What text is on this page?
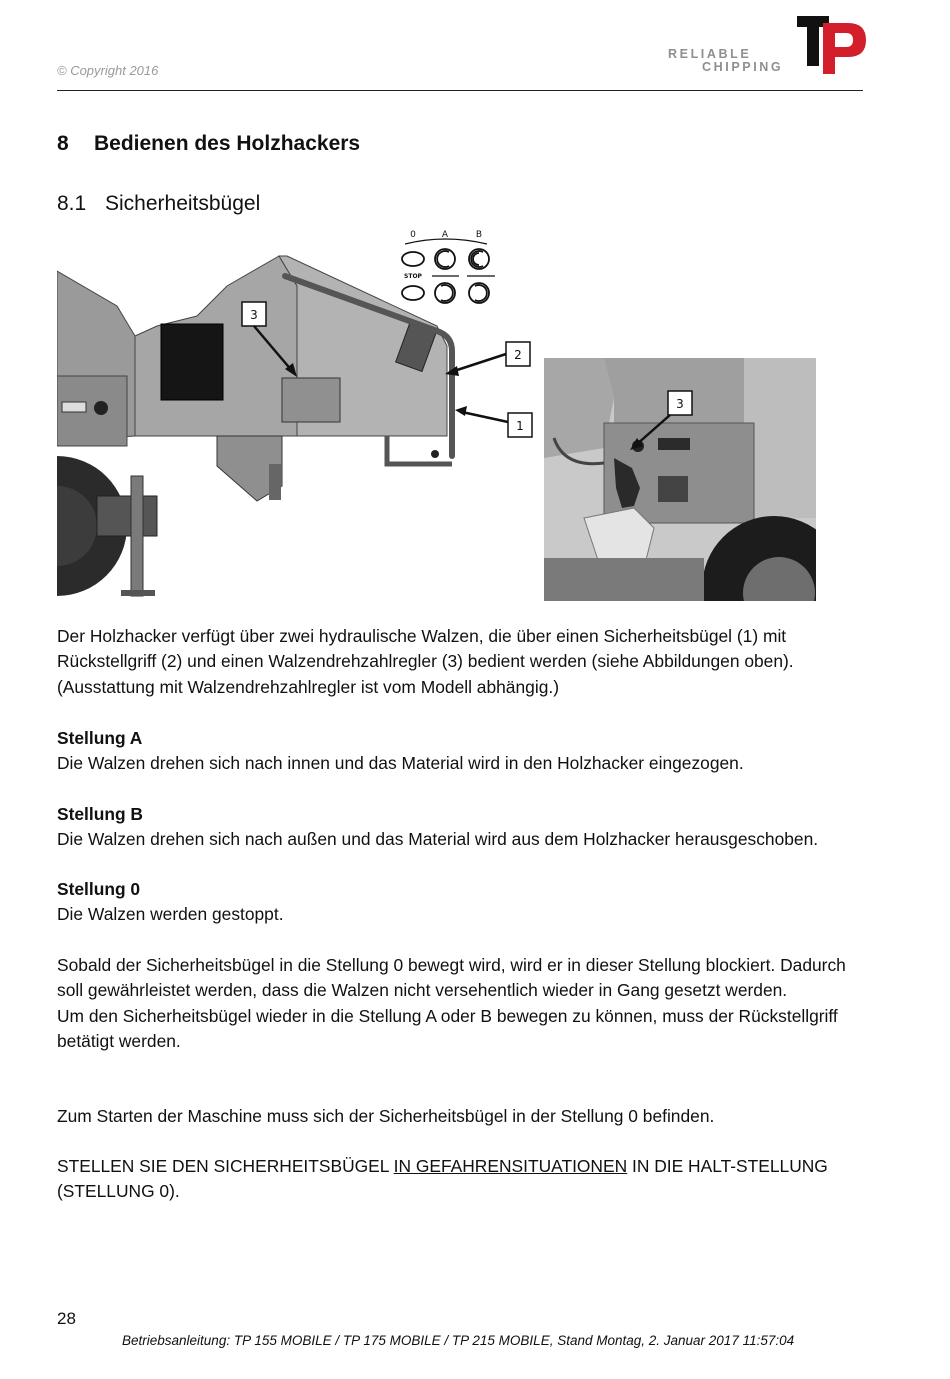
© Copyright 2016
RELIABLE
CHIPPING
8 Bedienen des Holzhackers
8.1 Sicherheitsbügel
0	A	B
STOP
3
2
1
3

Der Holzhacker verfügt über zwei hydraulische Walzen, die über einen Sicherheitsbügel (1) mit Rückstellgriff (2) und einen Walzendrehzahlregler (3) bedient werden (siehe Abbildungen oben). (Ausstattung mit Walzendrehzahlregler ist vom Modell abhängig.)

Stellung A
Die Walzen drehen sich nach innen und das Material wird in den Holzhacker eingezogen.

Stellung B
Die Walzen drehen sich nach außen und das Material wird aus dem Holzhacker herausgeschoben.

Stellung 0
Die Walzen werden gestoppt.

Sobald der Sicherheitsbügel in die Stellung 0 bewegt wird, wird er in dieser Stellung blockiert. Dadurch soll gewährleistet werden, dass die Walzen nicht versehentlich wieder in Gang gesetzt werden.
Um den Sicherheitsbügel wieder in die Stellung A oder B bewegen zu können, muss der Rückstellgriff betätigt werden.

Zum Starten der Maschine muss sich der Sicherheitsbügel in der Stellung 0 befinden.

STELLEN SIE DEN SICHERHEITSBÜGEL IN GEFAHRENSITUATIONEN IN DIE HALT-STELLUNG (STELLUNG 0).

28
Betriebsanleitung: TP 155 MOBILE / TP 175 MOBILE / TP 215 MOBILE, Stand Montag, 2. Januar 2017 11:57:04
